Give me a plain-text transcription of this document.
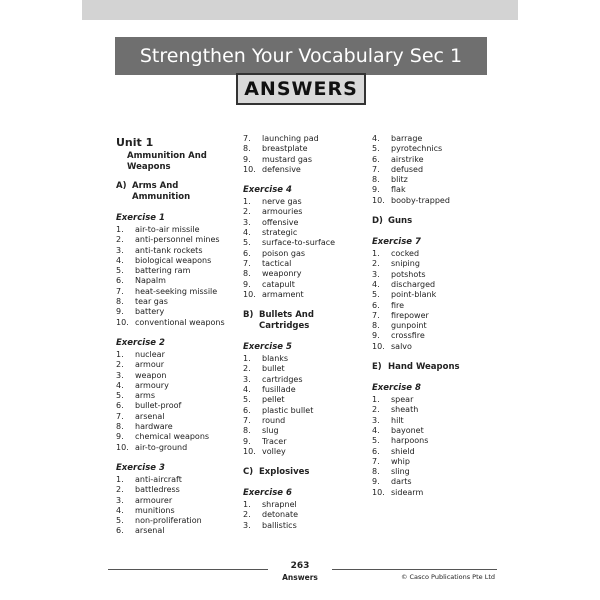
Strengthen Your Vocabulary Sec 1
ANSWERS
Unit 1
Ammunition And Weapons
A) Arms And Ammunition
Exercise 1
1.	air-to-air missile
2.	anti-personnel mines
3.	anti-tank rockets
4.	biological weapons
5.	battering ram
6.	Napalm
7.	heat-seeking missile
8.	tear gas
9.	battery
10. conventional weapons
Exercise 2
1.	nuclear
2.	armour
3.	weapon
4.	armoury
5.	arms
6.	bullet-proof
7.	arsenal
8.	hardware
9.	chemical weapons
10. air-to-ground
Exercise 3
1.	anti-aircraft
2.	battledress
3.	armourer
4.	munitions
5.	non-proliferation
6.	arsenal
7.	launching pad
8.	breastplate
9.	mustard gas
10. defensive
Exercise 4
1.	nerve gas
2.	armouries
3.	offensive
4.	strategic
5.	surface-to-surface
6.	poison gas
7.	tactical
8.	weaponry
9.	catapult
10. armament
B) Bullets And Cartridges
Exercise 5
1.	blanks
2.	bullet
3.	cartridges
4.	fusillade
5.	pellet
6.	plastic bullet
7.	round
8.	slug
9.	Tracer
10. volley
C) Explosives
Exercise 6
1.	shrapnel
2.	detonate
3.	ballistics
4.	barrage
5.	pyrotechnics
6.	airstrike
7.	defused
8.	blitz
9.	flak
10. booby-trapped
D) Guns
Exercise 7
1.	cocked
2.	sniping
3.	potshots
4.	discharged
5.	point-blank
6.	fire
7.	firepower
8.	gunpoint
9.	crossfire
10. salvo
E) Hand Weapons
Exercise 8
1.	spear
2.	sheath
3.	hilt
4.	bayonet
5.	harpoons
6.	shield
7.	whip
8.	sling
9.	darts
10. sidearm
263
Answers	© Casco Publications Pte Ltd
